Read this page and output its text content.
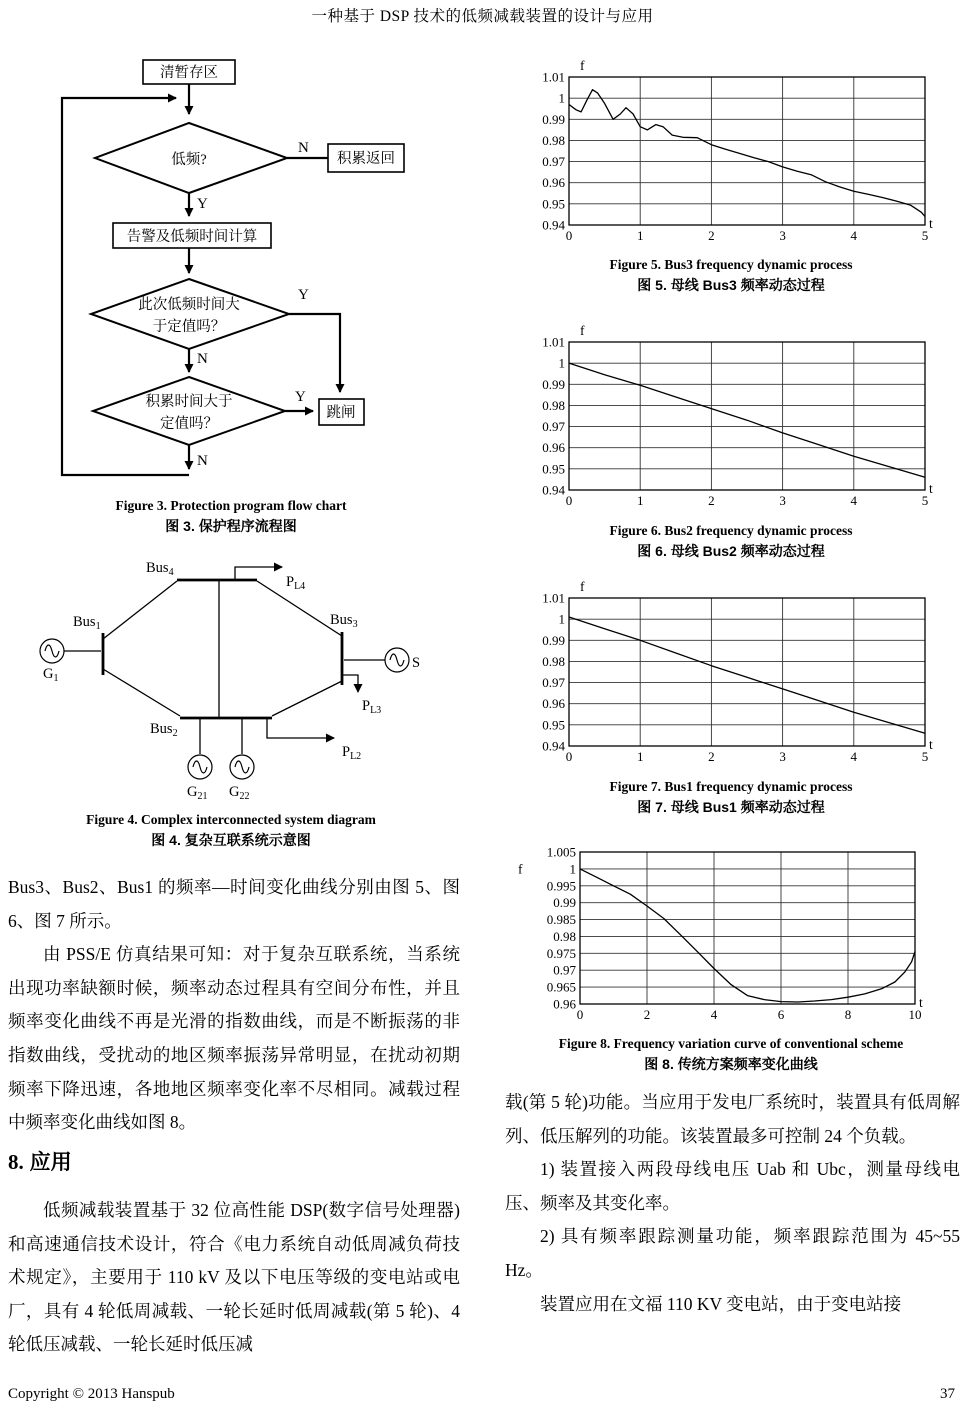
一种基于 DSP 技术的低频减载装置的设计与应用
清暂存区
低频?	积累返回
告警及低频时间计算
此次低频时间大
于定值吗？
积累时间大于
定值吗？
跳闸
N
Y
Y
N
Y
N
Figure 3. Protection program flow chart
图 3. 保护程序流程图
Bus$_4$
Bus$_1$	Bus$_3$
Bus$_2$
$G_1$
S
$G_{21}$ $G_{22}$
$P_{L4}$
$P_{L3}$
$P_{L2}$
Figure 4. Complex interconnected system diagram
图 4. 复杂互联系统示意图

Bus3、Bus2、Bus1 的频率—时间变化曲线分别由图 5、图 6、图 7 所示。

由 PSS/E 仿真结果可知：对于复杂互联系统，当系统出现功率缺额时候，频率动态过程具有空间分布性，并且频率变化曲线不再是光滑的指数曲线，而是不断振荡的非指数曲线，受扰动的地区频率振荡异常明显，在扰动初期频率下降迅速，各地地区频率变化率不尽相同。减载过程中频率变化曲线如图 8。

8. 应用

低频减载装置基于 32 位高性能 DSP(数字信号处理器)和高速通信技术设计，符合《电力系统自动低周减负荷技术规定》，主要用于 110 kV 及以下电压等级的变电站或电厂，具有 4 轮低周减载、一轮长延时低周减载(第 5 轮)、4 轮低压减载、一轮长延时低压减

1.01
1
0.99
0.98
0.97
0.96
0.95
0.94
0	1	2	3	4	5
f
t
Figure 5. Bus3 frequency dynamic process
图 5. 母线 Bus3 频率动态过程
1.01
1
0.99
0.98
0.97
0.96
0.95
0.94
0	1	2	3	4	5
f
t
Figure 6. Bus2 frequency dynamic process
图 6. 母线 Bus2 频率动态过程
1.01
1
0.99
0.98
0.97
0.96
0.95
0.94
0	1	2	3	4	5
f
t
Figure 7. Bus1 frequency dynamic process
图 7. 母线 Bus1 频率动态过程
1.005
1
0.995
0.99
0.985
0.98
0.975
0.97
0.965
0.96
0	2	4	6	8	10
f
t
Figure 8. Frequency variation curve of conventional scheme
图 8. 传统方案频率变化曲线

载(第 5 轮)功能。当应用于发电厂系统时，装置具有低周解列、低压解列的功能。该装置最多可控制 24 个负载。

1) 装置接入两段母线电压 Uab 和 Ubc，测量母线电压、频率及其变化率。

2) 具有频率跟踪测量功能，频率跟踪范围为 45~55 Hz。

装置应用在文福 110 KV 变电站，由于变电站接

Copyright © 2013 Hanspub	37
